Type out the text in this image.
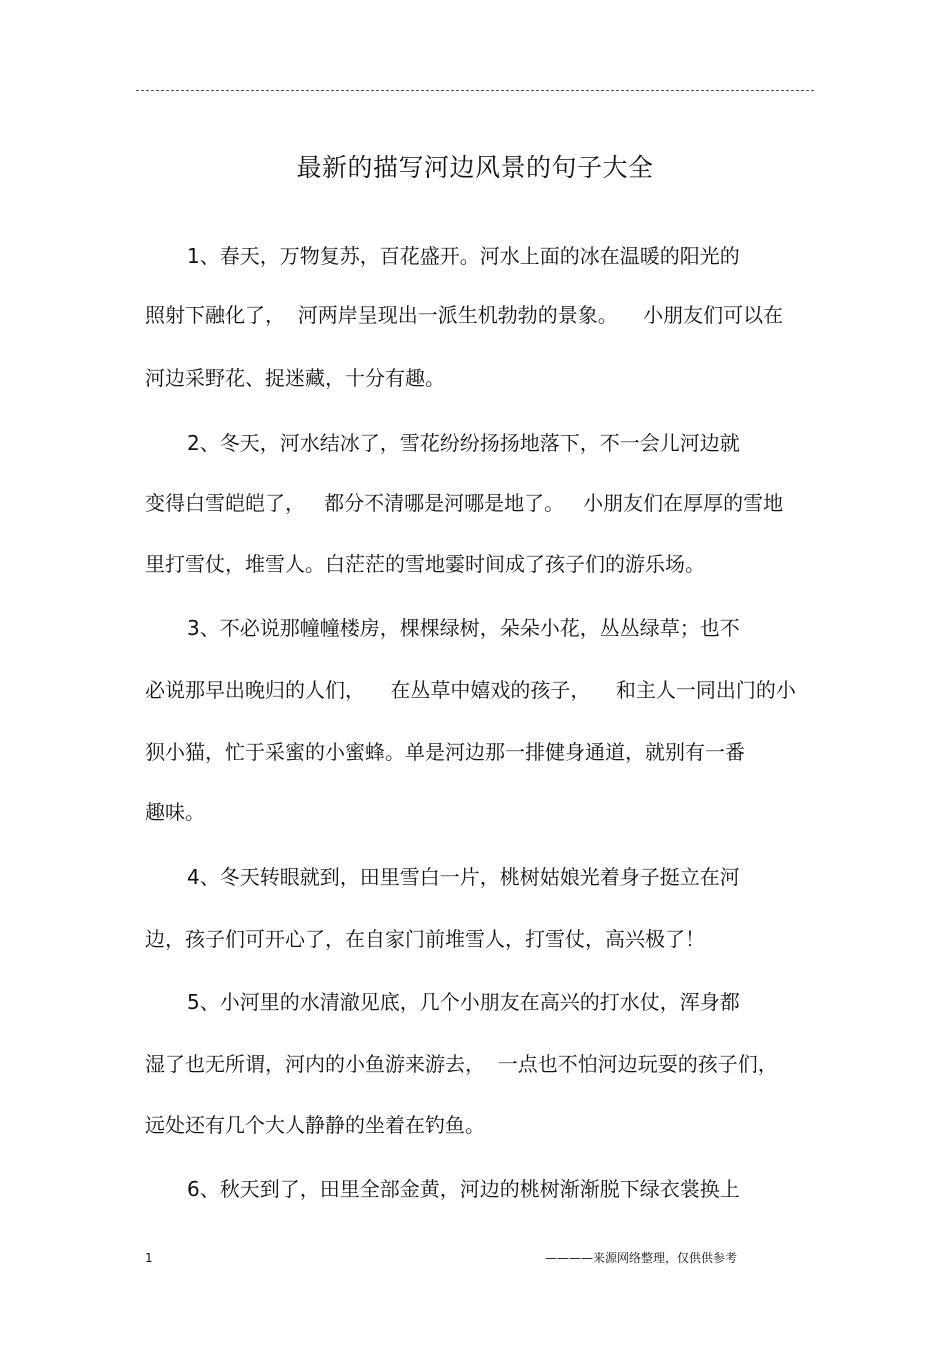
最新的描写河边风景的句子大全
1、春天，万物复苏，百花盛开。河水上面的冰在温暖的阳光的
照射下融化了，  河两岸呈现出一派生机勃勃的景象。    小朋友们可以在
河边采野花、捉迷藏，十分有趣。
2、冬天，河水结冰了，雪花纷纷扬扬地落下，不一会儿河边就
变得白雪皑皑了，   都分不清哪是河哪是地了。   小朋友们在厚厚的雪地
里打雪仗，堆雪人。白茫茫的雪地霎时间成了孩子们的游乐场。
3、不必说那幢幢楼房，棵棵绿树，朵朵小花，丛丛绿草；也不
必说那早出晚归的人们，    在丛草中嬉戏的孩子，    和主人一同出门的小
狈小猫，忙于采蜜的小蜜蜂。单是河边那一排健身通道，就别有一番
趣味。
4、冬天转眼就到，田里雪白一片，桃树姑娘光着身子挺立在河
边，孩子们可开心了，在自家门前堆雪人，打雪仗，高兴极了！
5、小河里的水清澈见底，几个小朋友在高兴的打水仗，浑身都
湿了也无所谓，河内的小鱼游来游去，  一点也不怕河边玩耍的孩子们，
远处还有几个大人静静的坐着在钓鱼。
6、秋天到了，田里全部金黄，河边的桃树渐渐脱下绿衣裳换上
1	————来源网络整理，仅供供参考
